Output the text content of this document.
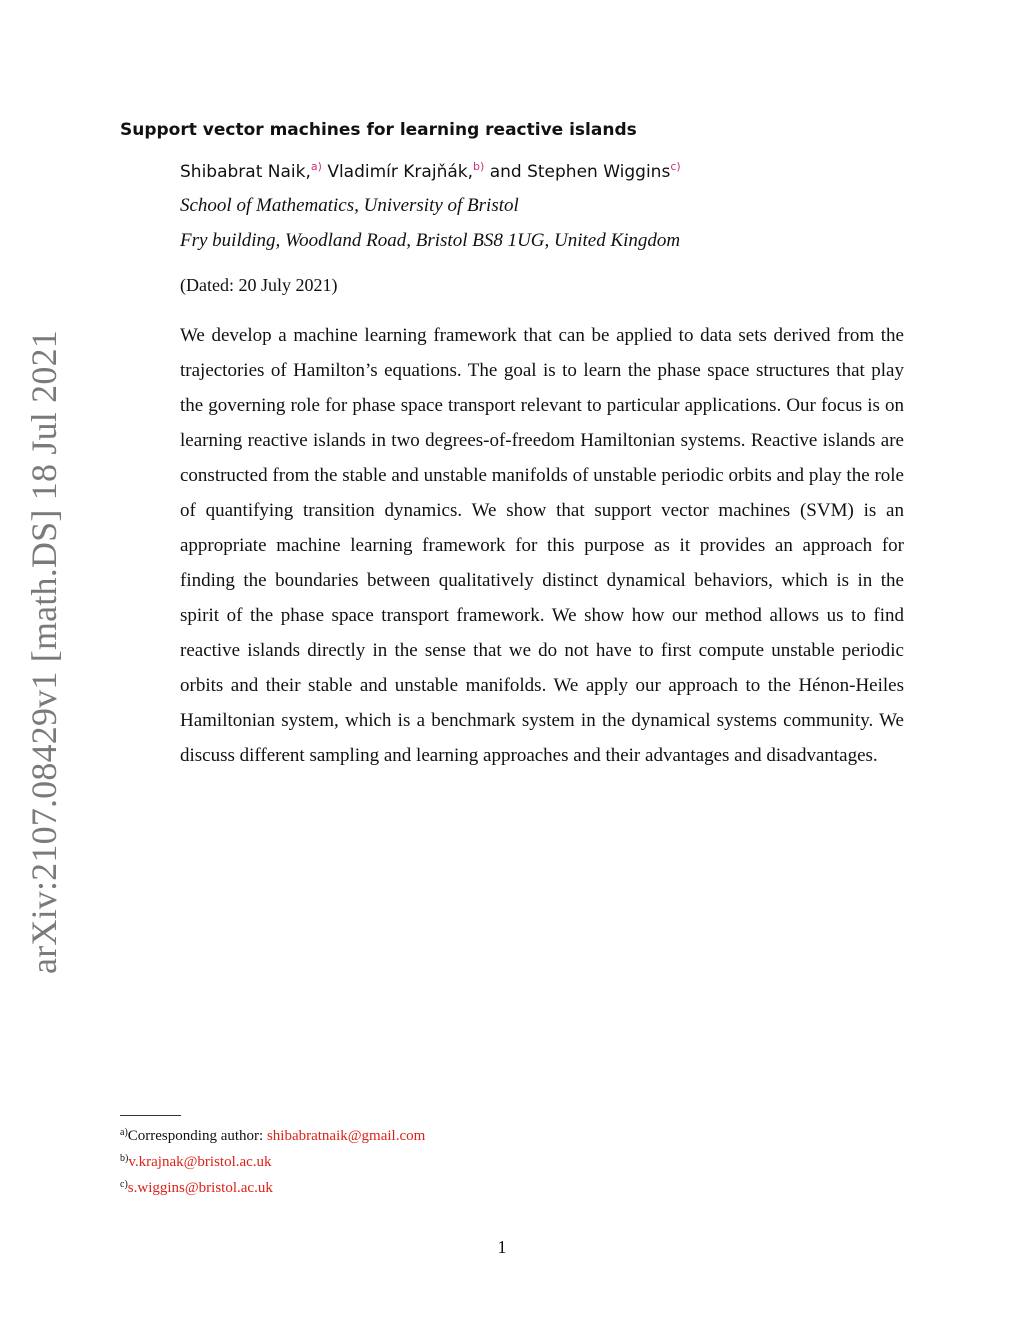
arXiv:2107.08429v1 [math.DS] 18 Jul 2021
Support vector machines for learning reactive islands
Shibabrat Naik,$^{a)}$ Vladimír Krajňák,$^{b)}$ and Stephen Wiggins$^{c)}$
School of Mathematics, University of Bristol
Fry building, Woodland Road, Bristol BS8 1UG, United Kingdom
(Dated: 20 July 2021)
We develop a machine learning framework that can be applied to data sets derived from the trajectories of Hamilton’s equations. The goal is to learn the phase space structures that play the governing role for phase space transport relevant to particular applications. Our focus is on learning reactive islands in two degrees-of-freedom Hamiltonian systems. Reactive islands are constructed from the stable and unstable manifolds of unstable periodic orbits and play the role of quantifying transition dynamics. We show that support vector machines (SVM) is an appropriate machine learning framework for this purpose as it provides an approach for finding the boundaries between qualitatively distinct dynamical behaviors, which is in the spirit of the phase space transport framework. We show how our method allows us to find reactive islands directly in the sense that we do not have to first compute unstable periodic orbits and their stable and unstable manifolds. We apply our approach to the Hénon-Heiles Hamiltonian system, which is a benchmark system in the dynamical systems community. We discuss different sampling and learning approaches and their advantages and disadvantages.
$^{a)}$Corresponding author: shibabratnaik@gmail.com
$^{b)}$v.krajnak@bristol.ac.uk
$^{c)}$s.wiggins@bristol.ac.uk
1
